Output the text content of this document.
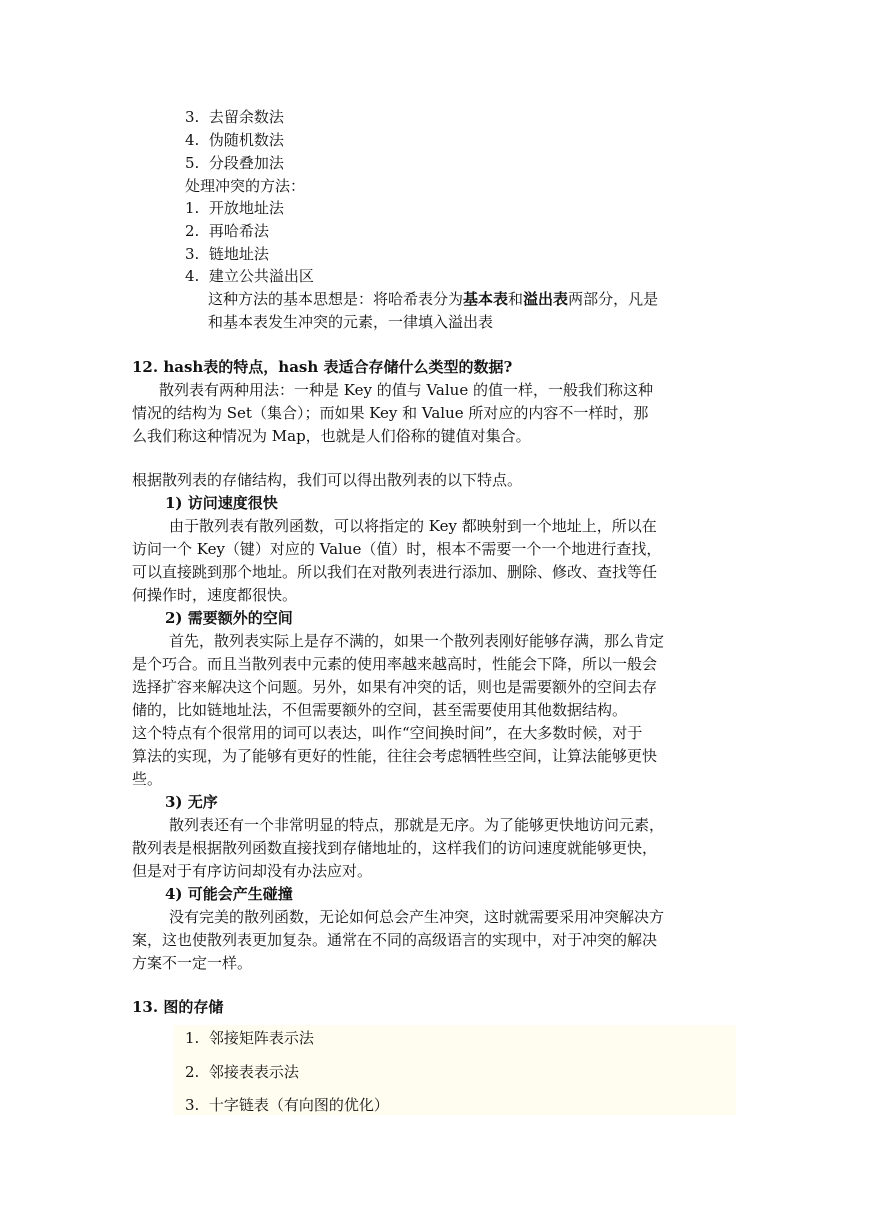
3. 去留余数法
4. 伪随机数法
5. 分段叠加法
处理冲突的方法：
1. 开放地址法
2. 再哈希法
3. 链地址法
4. 建立公共溢出区
这种方法的基本思想是：将哈希表分为基本表和溢出表两部分，凡是
和基本表发生冲突的元素，一律填入溢出表
12. hash表的特点，hash 表适合存储什么类型的数据?
散列表有两种用法：一种是 Key 的值与 Value 的值一样，一般我们称这种
情况的结构为 Set（集合）；而如果 Key 和 Value 所对应的内容不一样时，那
么我们称这种情况为 Map，也就是人们俗称的键值对集合。
根据散列表的存储结构，我们可以得出散列表的以下特点。
1) 访问速度很快
由于散列表有散列函数，可以将指定的 Key 都映射到一个地址上，所以在
访问一个 Key（键）对应的 Value（值）时，根本不需要一个一个地进行查找，
可以直接跳到那个地址。所以我们在对散列表进行添加、删除、修改、查找等任
何操作时，速度都很快。
2) 需要额外的空间
首先，散列表实际上是存不满的，如果一个散列表刚好能够存满，那么肯定
是个巧合。而且当散列表中元素的使用率越来越高时，性能会下降，所以一般会
选择扩容来解决这个问题。另外，如果有冲突的话，则也是需要额外的空间去存
储的，比如链地址法，不但需要额外的空间，甚至需要使用其他数据结构。
这个特点有个很常用的词可以表达，叫作“空间换时间”，在大多数时候，对于
算法的实现，为了能够有更好的性能，往往会考虑牺牲些空间，让算法能够更快
些。
3) 无序
散列表还有一个非常明显的特点，那就是无序。为了能够更快地访问元素，
散列表是根据散列函数直接找到存储地址的，这样我们的访问速度就能够更快，
但是对于有序访问却没有办法应对。
4) 可能会产生碰撞
没有完美的散列函数，无论如何总会产生冲突，这时就需要采用冲突解决方
案，这也使散列表更加复杂。通常在不同的高级语言的实现中，对于冲突的解决
方案不一定一样。
13. 图的存储
1. 邻接矩阵表示法
2. 邻接表表示法
3. 十字链表（有向图的优化）
